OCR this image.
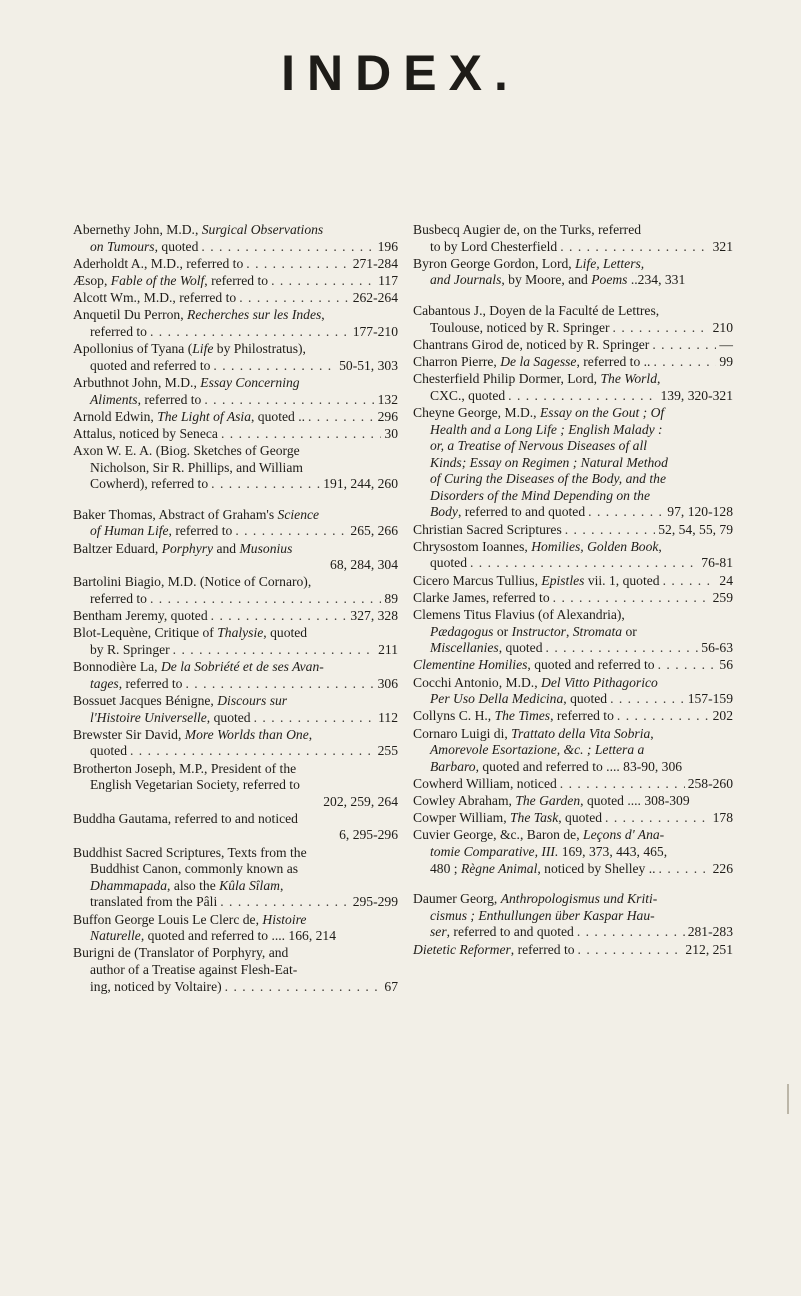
INDEX.
Abernethy John, M.D., Surgical Observations
on Tumours, quoted . . .	196
Aderholdt A., M.D., referred to . . .	271-284
Æsop, Fable of the Wolf, referred to . . .	117
Alcott Wm., M.D., referred to . . .	262-264
Anquetil Du Perron, Recherches sur les Indes,
referred to . . .	177-210
Apollonius of Tyana (Life by Philostratus),
quoted and referred to . . .	50-51, 303
Arbuthnot John, M.D., Essay Concerning
Aliments, referred to . . .	132
Arnold Edwin, The Light of Asia, quoted .. . . .	296
Attalus, noticed by Seneca . . .	30
Axon W. E. A. (Biog. Sketches of George
Nicholson, Sir R. Phillips, and William
Cowherd), referred to . . .	191, 244, 260
Baker Thomas, Abstract of Graham's Science
of Human Life, referred to . . .	265, 266
Baltzer Eduard, Porphyry and Musonius
68, 284, 304
Bartolini Biagio, M.D. (Notice of Cornaro),
referred to . . .	89
Bentham Jeremy, quoted . . .	327, 328
Blot-Lequène, Critique of Thalysie, quoted
by R. Springer . . .	211
Bonnodière La, De la Sobriété et de ses Avan-
tages, referred to . . .	306
Bossuet Jacques Bénigne, Discours sur
l'Histoire Universelle, quoted . . .	112
Brewster Sir David, More Worlds than One,
quoted . . .	255
Brotherton Joseph, M.P., President of the
English Vegetarian Society, referred to
202, 259, 264
Buddha Gautama, referred to and noticed
6, 295-296
Buddhist Sacred Scriptures, Texts from the
Buddhist Canon, commonly known as
Dhammapada, also the Kûla Sîlam,
translated from the Pâli . . .	295-299
Buffon George Louis Le Clerc de, Histoire
Naturelle, quoted and referred to .... 166, 214
Burigni de (Translator of Porphyry, and
author of a Treatise against Flesh-Eat-
ing, noticed by Voltaire) . . .	67
Busbecq Augier de, on the Turks, referred
to by Lord Chesterfield . . .	321
Byron George Gordon, Lord, Life, Letters,
and Journals, by Moore, and Poems ..234, 331
Cabantous J., Doyen de la Faculté de Lettres,
Toulouse, noticed by R. Springer . . .	210
Chantrans Girod de, noticed by R. Springer . . .	—
Charron Pierre, De la Sagesse, referred to .. . . .	99
Chesterfield Philip Dormer, Lord, The World,
CXC., quoted . . .	139, 320-321
Cheyne George, M.D., Essay on the Gout ; Of
Health and a Long Life ; English Malady :
or, a Treatise of Nervous Diseases of all
Kinds; Essay on Regimen ; Natural Method
of Curing the Diseases of the Body, and the
Disorders of the Mind Depending on the
Body, referred to and quoted . . .	97, 120-128
Christian Sacred Scriptures . . .	52, 54, 55, 79
Chrysostom Ioannes, Homilies, Golden Book,
quoted . . .	76-81
Cicero Marcus Tullius, Epistles vii. 1, quoted . . .	24
Clarke James, referred to . . .	259
Clemens Titus Flavius (of Alexandria),
Pædagogus or Instructor, Stromata or
Miscellanies, quoted . . .	56-63
Clementine Homilies, quoted and referred to . . .	56
Cocchi Antonio, M.D., Del Vitto Pithagorico
Per Uso Della Medicina, quoted . . .	157-159
Collyns C. H., The Times, referred to . . .	202
Cornaro Luigi di, Trattato della Vita Sobria,
Amorevole Esortazione, &c. ; Lettera a
Barbaro, quoted and referred to .... 83-90, 306
Cowherd William, noticed . . .	258-260
Cowley Abraham, The Garden, quoted .... 308-309
Cowper William, The Task, quoted . . .	178
Cuvier George, &c., Baron de, Leçons d' Ana-
tomie Comparative, III. 169, 373, 443, 465,
480 ; Règne Animal, noticed by Shelley .. . . .	226
Daumer Georg, Anthropologismus und Kriti-
cismus ; Enthullungen über Kaspar Hau-
ser, referred to and quoted . . .	281-283
Dietetic Reformer, referred to . . .	212, 251
